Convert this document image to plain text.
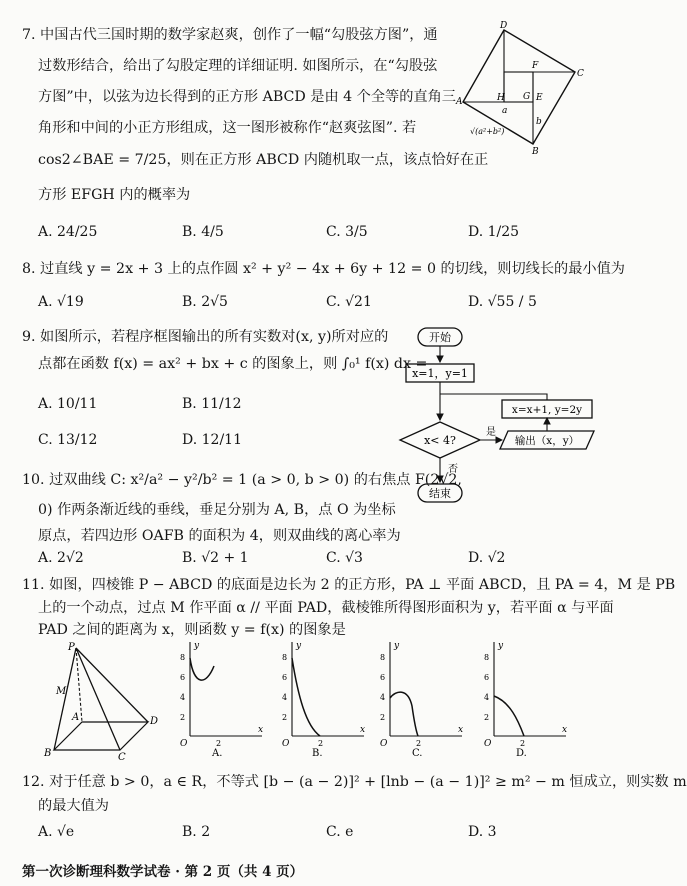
7. 中国古代三国时期的数学家赵爽，创作了一幅“勾股弦方图”，通
过数形结合，给出了勾股定理的详细证明. 如图所示，在“勾股弦
方图”中，以弦为边长得到的正方形 ABCD 是由 4 个全等的直角三
角形和中间的小正方形组成，这一图形被称作“赵爽弦图”. 若
cos2∠BAE = 7/25，则在正方形 ABCD 内随机取一点，该点恰好在正
方形 EFGH 内的概率为
A. 24/25	B. 4/5	C. 3/5	D. 1/25
D
F
C
A	H G E
a
b
B
√(a²+b²)
8. 过直线 y = 2x + 3 上的点作圆 x² + y² − 4x + 6y + 12 = 0 的切线，则切线长的最小值为
A. √19	B. 2√5	C. √21	D. √55 / 5
9. 如图所示，若程序框图输出的所有实数对(x, y)所对应的
点都在函数 f(x) = ax² + bx + c 的图象上，则 ∫₀¹ f(x) dx =
A. 10/11	B. 11/12
C. 13/12	D. 12/11
开始
x=1，y=1
x< 4?
是
输出（x，y）
x=x+1, y=2y
否
结束
10. 过双曲线 C: x²/a² − y²/b² = 1 (a > 0, b > 0) 的右焦点 F(2√2,
0) 作两条渐近线的垂线，垂足分别为 A, B，点 O 为坐标
原点，若四边形 OAFB 的面积为 4，则双曲线的离心率为
A. 2√2	B. √2 + 1	C. √3	D. √2
11. 如图，四棱锥 P − ABCD 的底面是边长为 2 的正方形，PA ⊥ 平面 ABCD，且 PA = 4，M 是 PB
上的一个动点，过点 M 作平面 α // 平面 PAD，截棱锥所得图形面积为 y，若平面 α 与平面
PAD 之间的距离为 x，则函数 y = f(x) 的图象是
P
M
A	D
B	C
y
x
8
6
4
2
O	2
A.
y
x
8
6
4
2
O	2
B.
y
x
8
6
4
2
O	2
C.
y
x
8
6
4
2
O	2
D.
12. 对于任意 b > 0，a ∈ R，不等式 [b − (a − 2)]² + [lnb − (a − 1)]² ≥ m² − m 恒成立，则实数 m
的最大值为
A. √e	B. 2	C. e	D. 3
第一次诊断理科数学试卷 · 第 2 页（共 4 页）
